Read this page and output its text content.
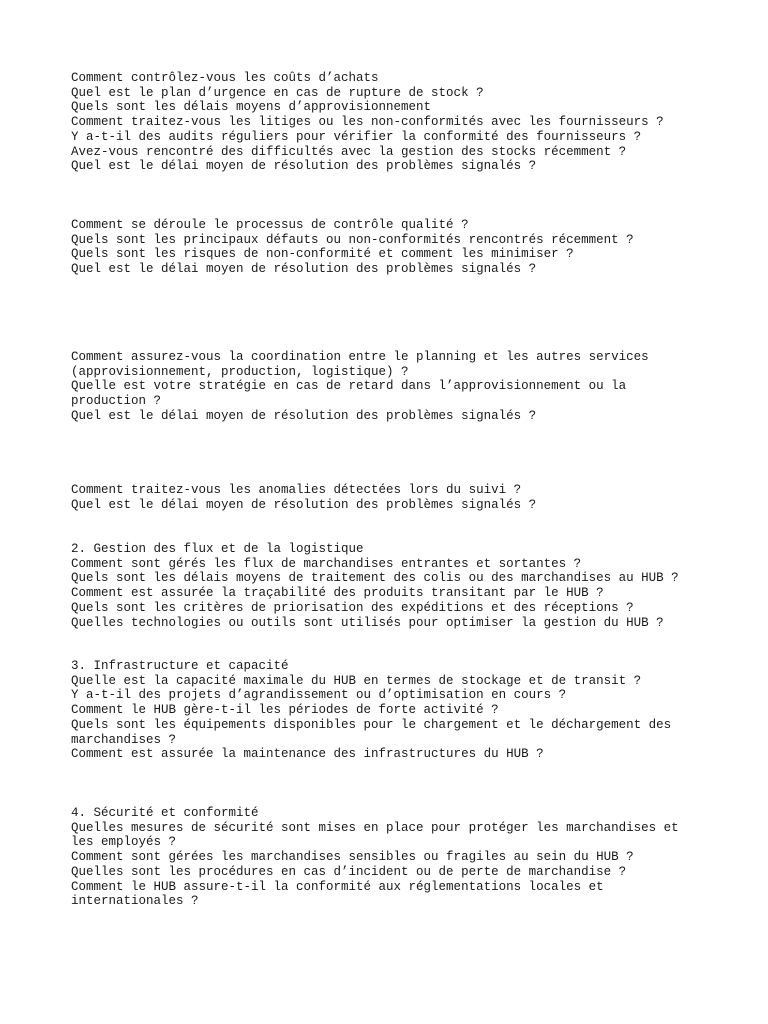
Comment contrôlez-vous les coûts d’achats

Quel est le plan d’urgence en cas de rupture de stock ?

Quels sont les délais moyens d’approvisionnement

Comment traitez-vous les litiges ou les non-conformités avec les fournisseurs ?

Y a-t-il des audits réguliers pour vérifier la conformité des fournisseurs ?

Avez-vous rencontré des difficultés avec la gestion des stocks récemment ?

Quel est le délai moyen de résolution des problèmes signalés ?

Comment se déroule le processus de contrôle qualité ?

Quels sont les principaux défauts ou non-conformités rencontrés récemment ?

Quels sont les risques de non-conformité et comment les minimiser ?

Quel est le délai moyen de résolution des problèmes signalés ?

Comment assurez-vous la coordination entre le planning et les autres services

(approvisionnement, production, logistique) ?

Quelle est votre stratégie en cas de retard dans l’approvisionnement ou la

production ?

Quel est le délai moyen de résolution des problèmes signalés ?

Comment traitez-vous les anomalies détectées lors du suivi ?

Quel est le délai moyen de résolution des problèmes signalés ?

2. Gestion des flux et de la logistique

Comment sont gérés les flux de marchandises entrantes et sortantes ?

Quels sont les délais moyens de traitement des colis ou des marchandises au HUB ?

Comment est assurée la traçabilité des produits transitant par le HUB ?

Quels sont les critères de priorisation des expéditions et des réceptions ?

Quelles technologies ou outils sont utilisés pour optimiser la gestion du HUB ?

3. Infrastructure et capacité

Quelle est la capacité maximale du HUB en termes de stockage et de transit ?

Y a-t-il des projets d’agrandissement ou d’optimisation en cours ?

Comment le HUB gère-t-il les périodes de forte activité ?

Quels sont les équipements disponibles pour le chargement et le déchargement des

marchandises ?

Comment est assurée la maintenance des infrastructures du HUB ?

4. Sécurité et conformité

Quelles mesures de sécurité sont mises en place pour protéger les marchandises et

les employés ?

Comment sont gérées les marchandises sensibles ou fragiles au sein du HUB ?

Quelles sont les procédures en cas d’incident ou de perte de marchandise ?

Comment le HUB assure-t-il la conformité aux réglementations locales et

internationales ?
